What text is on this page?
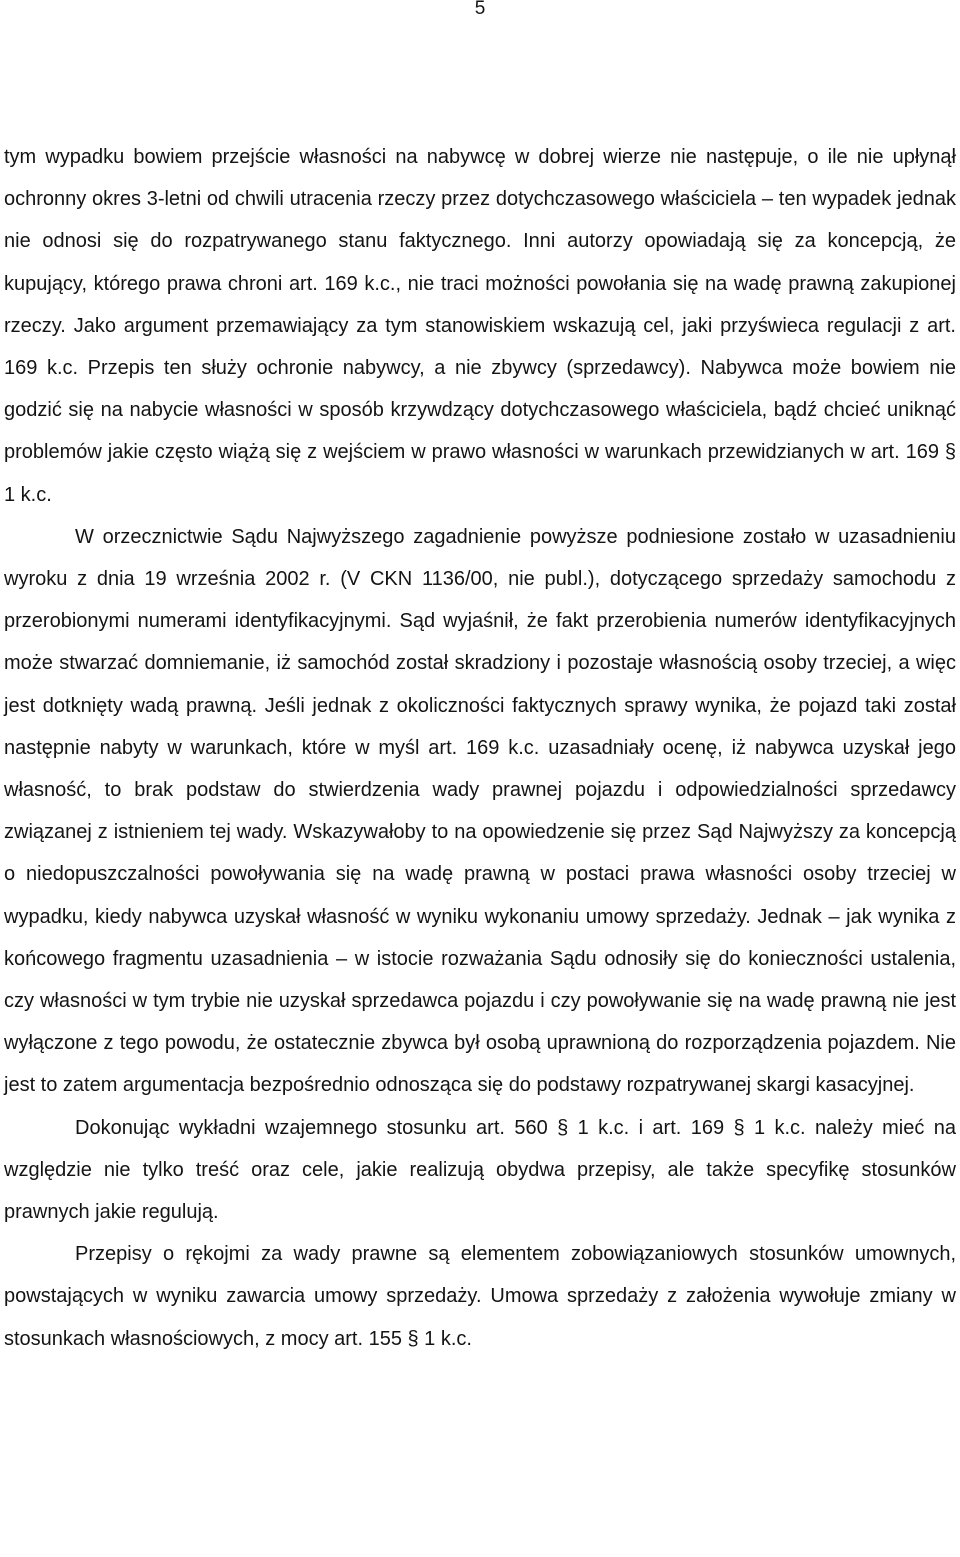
5

tym wypadku bowiem przejście własności na nabywcę w dobrej wierze nie następuje, o ile nie upłynął ochronny okres 3-letni od chwili utracenia rzeczy przez dotychczasowego właściciela – ten wypadek jednak nie odnosi się do rozpatrywanego stanu faktycznego. Inni autorzy opowiadają się za koncepcją, że kupujący, którego prawa chroni art. 169 k.c., nie traci możności powołania się na wadę prawną zakupionej rzeczy. Jako argument przemawiający za tym stanowiskiem wskazują cel, jaki przyświeca regulacji z art. 169 k.c. Przepis ten służy ochronie nabywcy, a nie zbywcy (sprzedawcy). Nabywca może bowiem nie godzić się na nabycie własności w sposób krzywdzący dotychczasowego właściciela, bądź chcieć uniknąć problemów jakie często wiążą się z wejściem w prawo własności w warunkach przewidzianych w art. 169 § 1 k.c.

W orzecznictwie Sądu Najwyższego zagadnienie powyższe podniesione zostało w uzasadnieniu wyroku z dnia 19 września 2002 r. (V CKN 1136/00, nie publ.), dotyczącego sprzedaży samochodu z przerobionymi numerami identyfikacyjnymi. Sąd wyjaśnił, że fakt przerobienia numerów identyfikacyjnych może stwarzać domniemanie, iż samochód został skradziony i pozostaje własnością osoby trzeciej, a więc jest dotknięty wadą prawną. Jeśli jednak z okoliczności faktycznych sprawy wynika, że pojazd taki został następnie nabyty w warunkach, które w myśl art. 169 k.c. uzasadniały ocenę, iż nabywca uzyskał jego własność, to brak podstaw do stwierdzenia wady prawnej pojazdu i odpowiedzialności sprzedawcy związanej z istnieniem tej wady. Wskazywałoby to na opowiedzenie się przez Sąd Najwyższy za koncepcją o niedopuszczalności powoływania się na wadę prawną w postaci prawa własności osoby trzeciej w wypadku, kiedy nabywca uzyskał własność w wyniku wykonaniu umowy sprzedaży. Jednak – jak wynika z końcowego fragmentu uzasadnienia – w istocie rozważania Sądu odnosiły się do konieczności ustalenia, czy własności w tym trybie nie uzyskał sprzedawca pojazdu i czy powoływanie się na wadę prawną nie jest wyłączone z tego powodu, że ostatecznie zbywca był osobą uprawnioną do rozporządzenia pojazdem. Nie jest to zatem argumentacja bezpośrednio odnosząca się do podstawy rozpatrywanej skargi kasacyjnej.

Dokonując wykładni wzajemnego stosunku art. 560 § 1 k.c. i art. 169 § 1 k.c. należy mieć na względzie nie tylko treść oraz cele, jakie realizują obydwa przepisy, ale także specyfikę stosunków prawnych jakie regulują.

Przepisy o rękojmi za wady prawne są elementem zobowiązaniowych stosunków umownych, powstających w wyniku zawarcia umowy sprzedaży. Umowa sprzedaży z założenia wywołuje zmiany w stosunkach własnościowych, z mocy art. 155 § 1 k.c.
